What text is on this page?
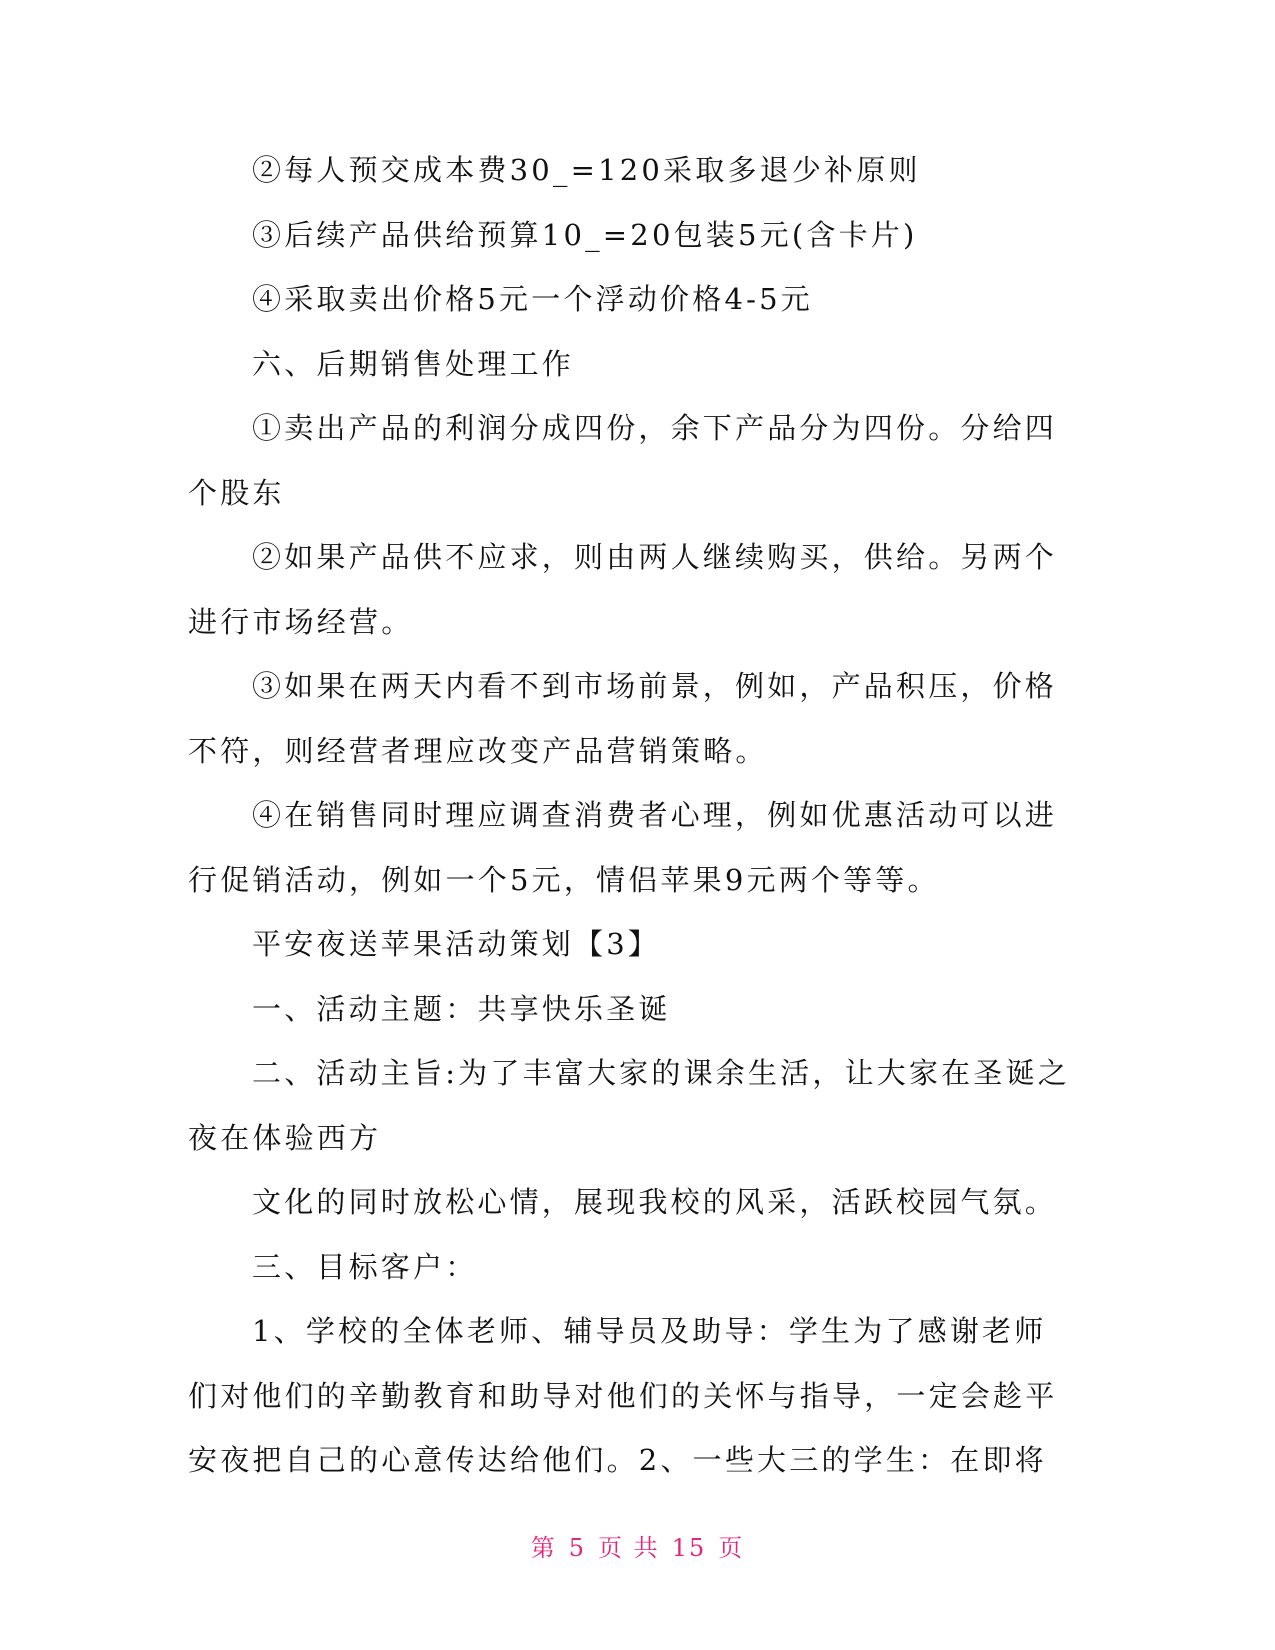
②每人预交成本费30_=120采取多退少补原则

③后续产品供给预算10_=20包装5元(含卡片)

④采取卖出价格5元一个浮动价格4-5元

六、后期销售处理工作

①卖出产品的利润分成四份，余下产品分为四份。分给四个股东

②如果产品供不应求，则由两人继续购买，供给。另两个进行市场经营。

③如果在两天内看不到市场前景，例如，产品积压，价格不符，则经营者理应改变产品营销策略。

④在销售同时理应调查消费者心理，例如优惠活动可以进行促销活动，例如一个5元，情侣苹果9元两个等等。

平安夜送苹果活动策划【3】

一、活动主题：共享快乐圣诞

二、活动主旨:为了丰富大家的课余生活，让大家在圣诞之夜在体验西方

文化的同时放松心情，展现我校的风采，活跃校园气氛。

三、目标客户：

1、学校的全体老师、辅导员及助导：学生为了感谢老师们对他们的辛勤教育和助导对他们的关怀与指导，一定会趁平安夜把自己的心意传达给他们。2、一些大三的学生：在即将

第 5 页 共 15 页
